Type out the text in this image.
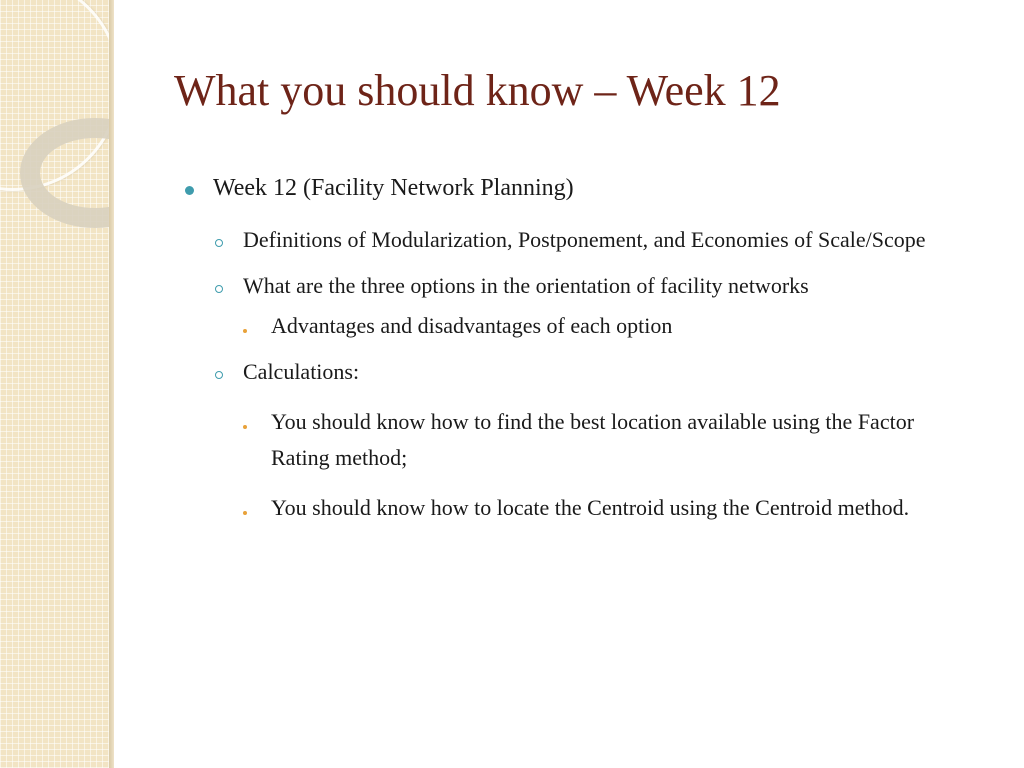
What you should know – Week 12
Week 12 (Facility Network Planning)
Definitions of Modularization, Postponement, and Economies of Scale/Scope
What are the three options in the orientation of facility networks
Advantages and disadvantages of each option
Calculations:
You should know how to find the best location available using the Factor Rating method;
You should know how to locate the Centroid using the Centroid method.
